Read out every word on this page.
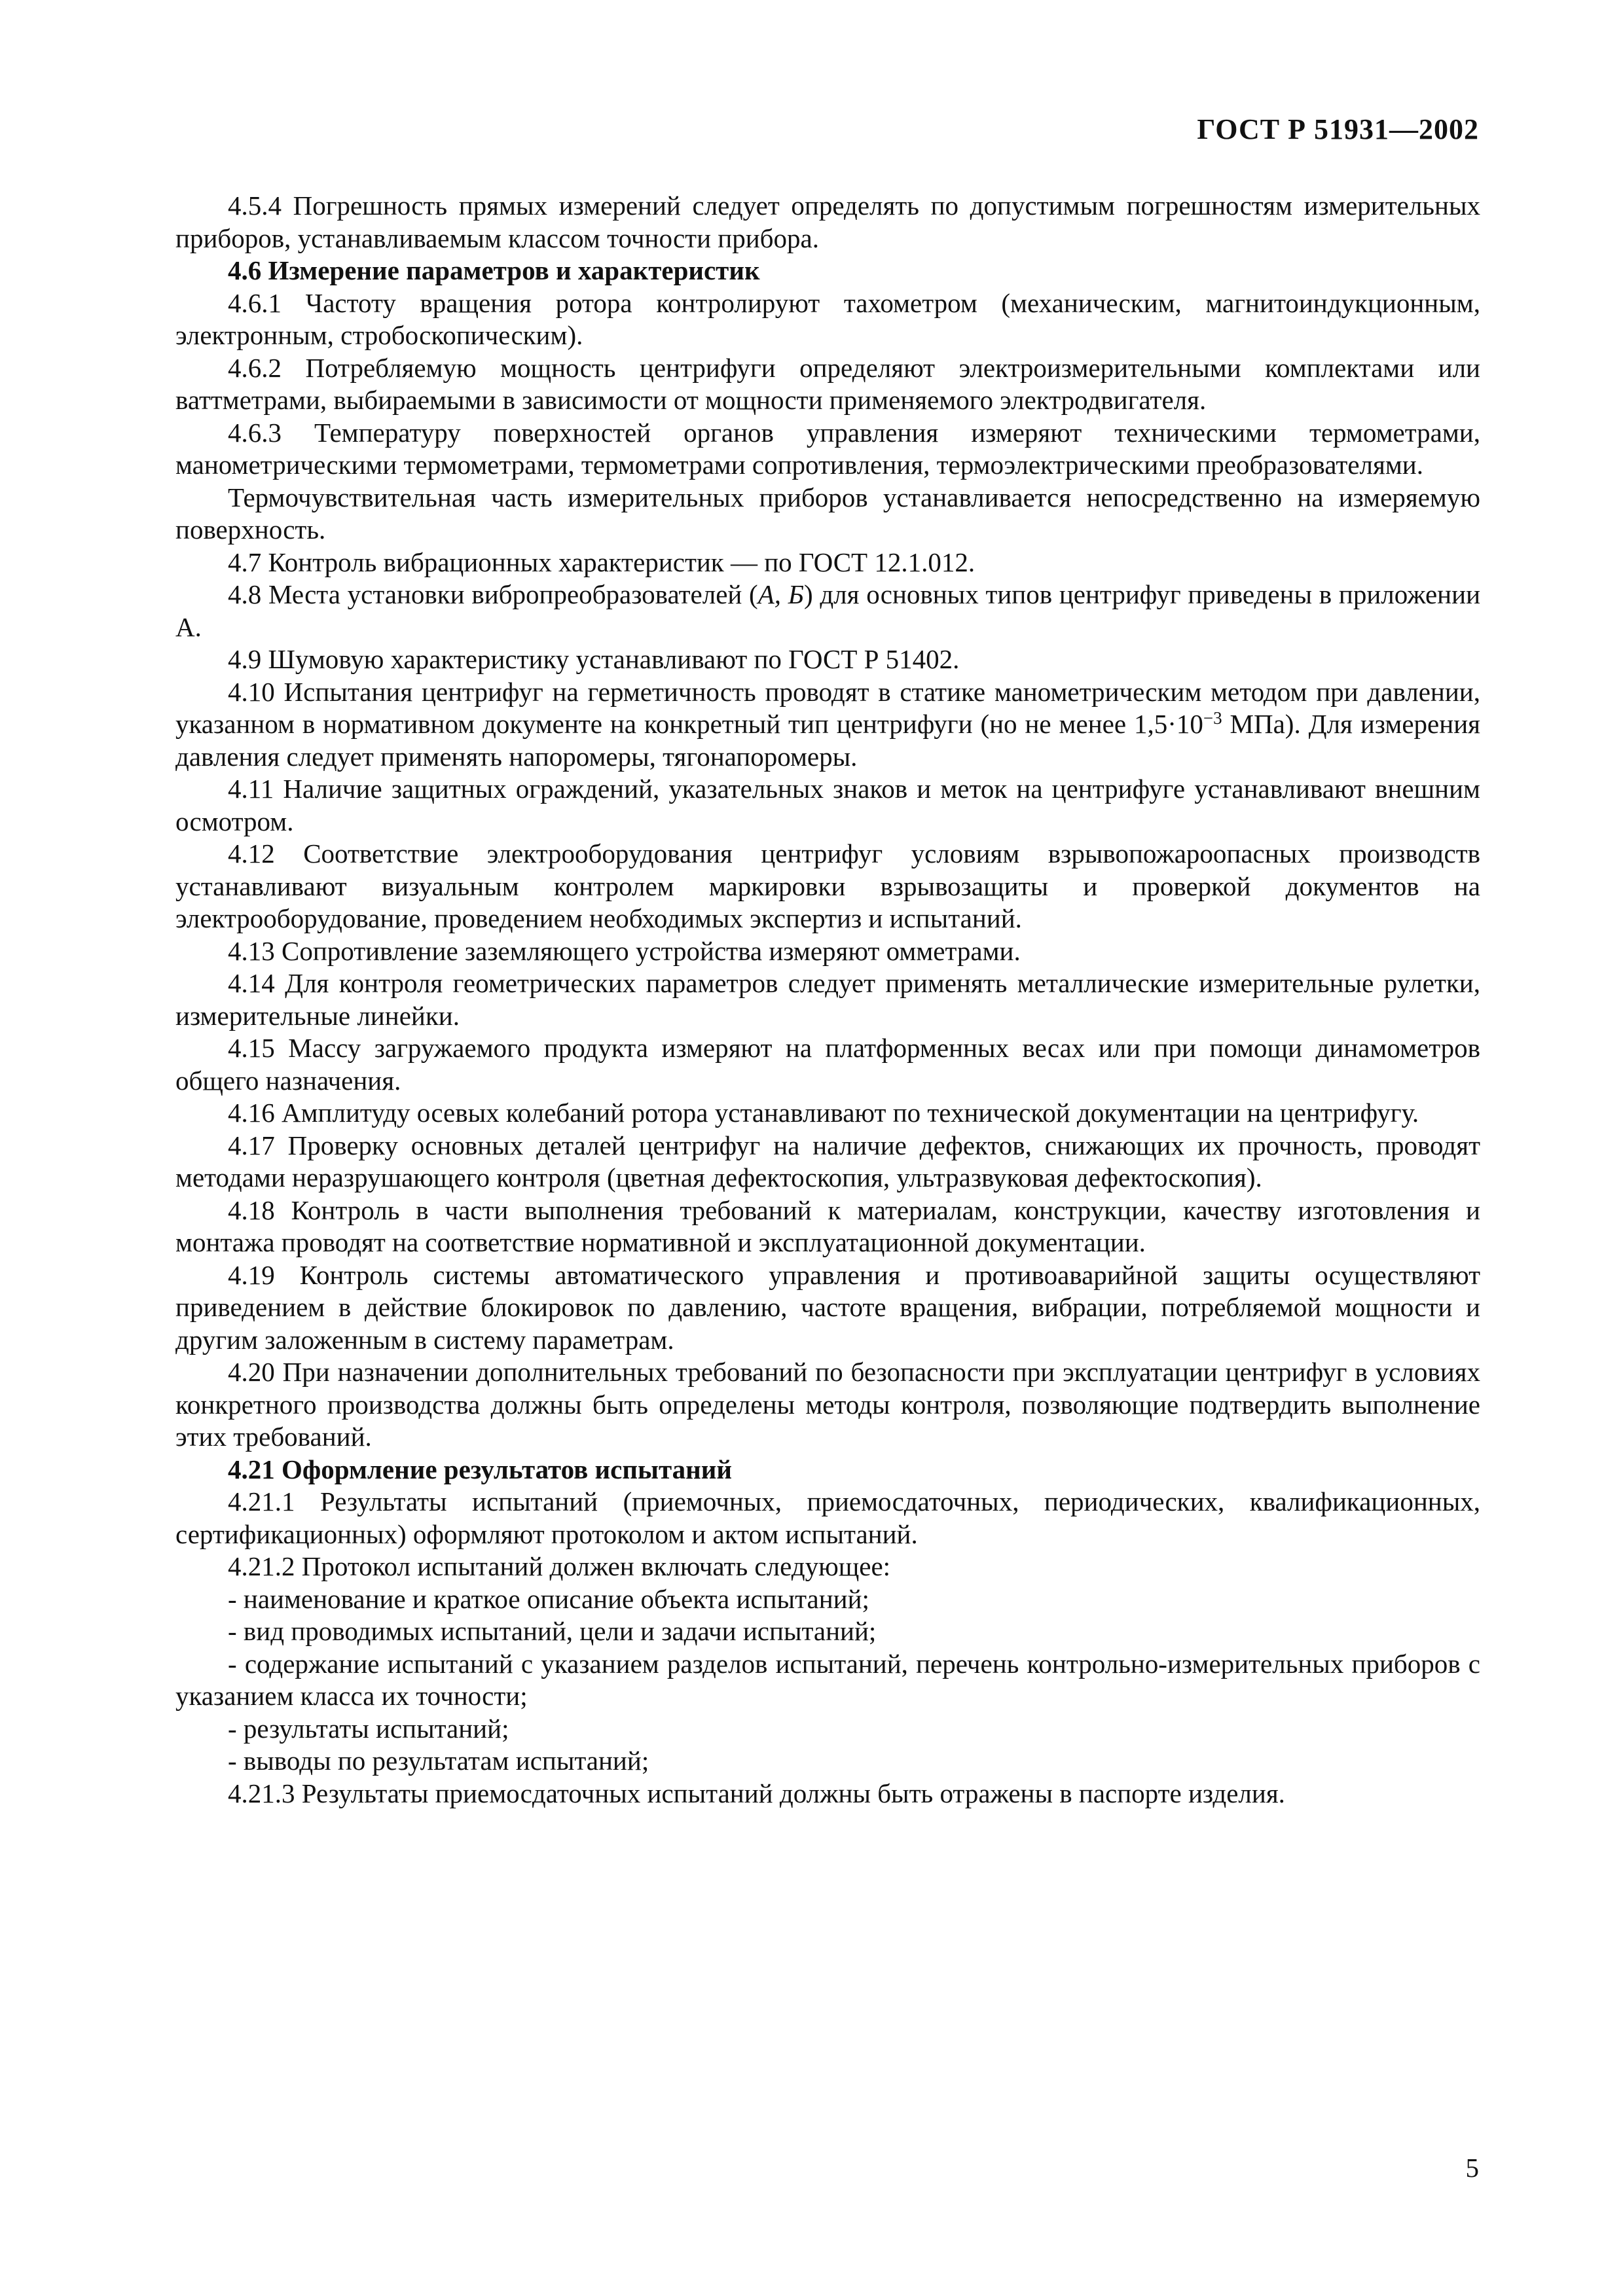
ГОСТ Р 51931—2002

4.5.4 Погрешность прямых измерений следует определять по допустимым погрешностям измерительных приборов, устанавливаемым классом точности прибора.

4.6 Измерение параметров и характеристик

4.6.1 Частоту вращения ротора контролируют тахометром (механическим, магнитоиндукционным, электронным, стробоскопическим).

4.6.2 Потребляемую мощность центрифуги определяют электроизмерительными комплектами или ваттметрами, выбираемыми в зависимости от мощности применяемого электродвигателя.

4.6.3 Температуру поверхностей органов управления измеряют техническими термометрами, манометрическими термометрами, термометрами сопротивления, термоэлектрическими преобразователями.

Термочувствительная часть измерительных приборов устанавливается непосредственно на измеряемую поверхность.

4.7 Контроль вибрационных характеристик — по ГОСТ 12.1.012.

4.8 Места установки вибропреобразователей (А, Б) для основных типов центрифуг приведены в приложении А.

4.9 Шумовую характеристику устанавливают по ГОСТ Р 51402.

4.10 Испытания центрифуг на герметичность проводят в статике манометрическим методом при давлении, указанном в нормативном документе на конкретный тип центрифуги (но не менее $1,5\cdot 10^{-3}$ МПа). Для измерения давления следует применять напоромеры, тягонапоромеры.

4.11 Наличие защитных ограждений, указательных знаков и меток на центрифуге устанавливают внешним осмотром.

4.12 Соответствие электрооборудования центрифуг условиям взрывопожароопасных производств устанавливают визуальным контролем маркировки взрывозащиты и проверкой документов на электрооборудование, проведением необходимых экспертиз и испытаний.

4.13 Сопротивление заземляющего устройства измеряют омметрами.

4.14 Для контроля геометрических параметров следует применять металлические измерительные рулетки, измерительные линейки.

4.15 Массу загружаемого продукта измеряют на платформенных весах или при помощи динамометров общего назначения.

4.16 Амплитуду осевых колебаний ротора устанавливают по технической документации на центрифугу.

4.17 Проверку основных деталей центрифуг на наличие дефектов, снижающих их прочность, проводят методами неразрушающего контроля (цветная дефектоскопия, ультразвуковая дефектоскопия).

4.18 Контроль в части выполнения требований к материалам, конструкции, качеству изготовления и монтажа проводят на соответствие нормативной и эксплуатационной документации.

4.19 Контроль системы автоматического управления и противоаварийной защиты осуществляют приведением в действие блокировок по давлению, частоте вращения, вибрации, потребляемой мощности и другим заложенным в систему параметрам.

4.20 При назначении дополнительных требований по безопасности при эксплуатации центрифуг в условиях конкретного производства должны быть определены методы контроля, позволяющие подтвердить выполнение этих требований.

4.21 Оформление результатов испытаний

4.21.1 Результаты испытаний (приемочных, приемосдаточных, периодических, квалификационных, сертификационных) оформляют протоколом и актом испытаний.

4.21.2 Протокол испытаний должен включать следующее:

- наименование и краткое описание объекта испытаний;

- вид проводимых испытаний, цели и задачи испытаний;

- содержание испытаний с указанием разделов испытаний, перечень контрольно-измерительных приборов с указанием класса их точности;

- результаты испытаний;

- выводы по результатам испытаний;

4.21.3 Результаты приемосдаточных испытаний должны быть отражены в паспорте изделия.

5
